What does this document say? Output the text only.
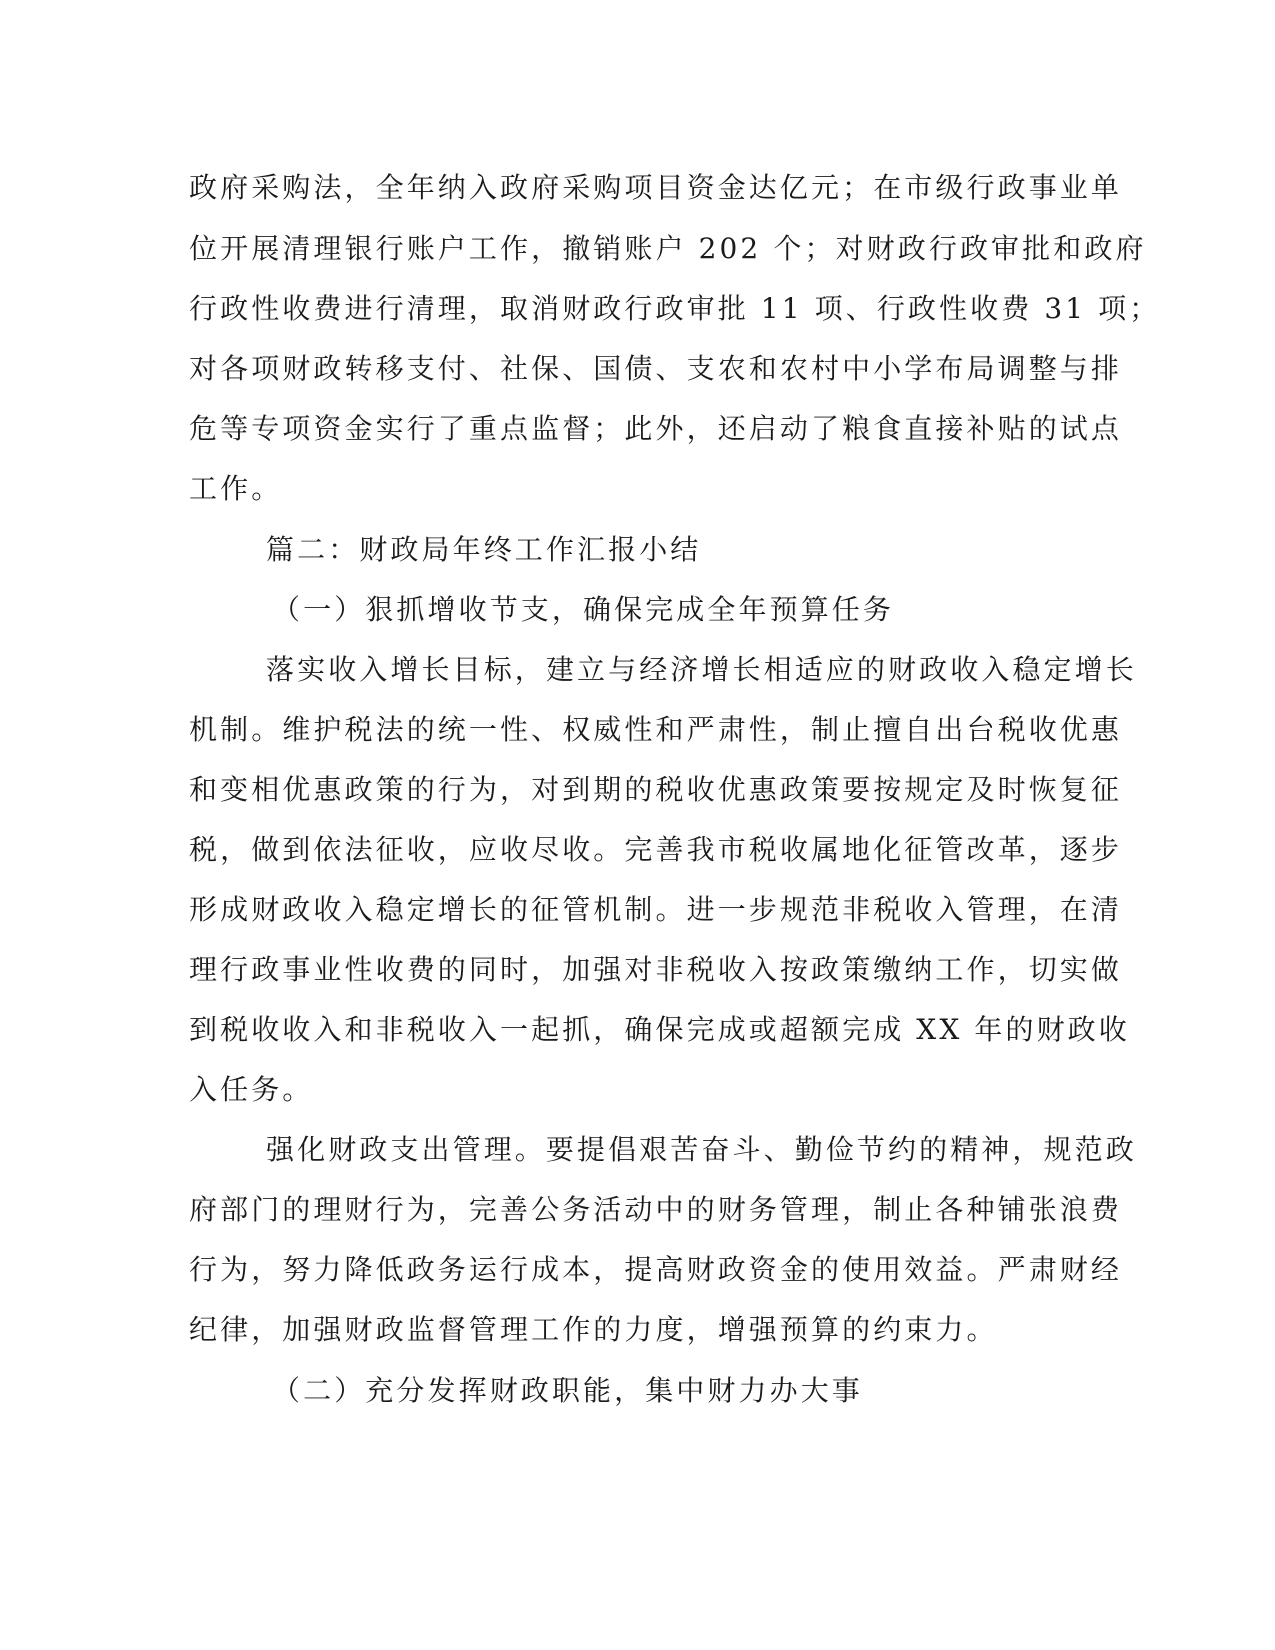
政府采购法，全年纳入政府采购项目资金达亿元；在市级行政事业单

位开展清理银行账户工作，撤销账户 202 个；对财政行政审批和政府

行政性收费进行清理，取消财政行政审批 11 项、行政性收费 31 项；

对各项财政转移支付、社保、国债、支农和农村中小学布局调整与排

危等专项资金实行了重点监督；此外，还启动了粮食直接补贴的试点

工作。

篇二：财政局年终工作汇报小结

（一）狠抓增收节支，确保完成全年预算任务

落实收入增长目标，建立与经济增长相适应的财政收入稳定增长

机制。维护税法的统一性、权威性和严肃性，制止擅自出台税收优惠

和变相优惠政策的行为，对到期的税收优惠政策要按规定及时恢复征

税，做到依法征收，应收尽收。完善我市税收属地化征管改革，逐步

形成财政收入稳定增长的征管机制。进一步规范非税收入管理，在清

理行政事业性收费的同时，加强对非税收入按政策缴纳工作，切实做

到税收收入和非税收入一起抓，确保完成或超额完成 XX 年的财政收

入任务。

强化财政支出管理。要提倡艰苦奋斗、勤俭节约的精神，规范政

府部门的理财行为，完善公务活动中的财务管理，制止各种铺张浪费

行为，努力降低政务运行成本，提高财政资金的使用效益。严肃财经

纪律，加强财政监督管理工作的力度，增强预算的约束力。

（二）充分发挥财政职能，集中财力办大事
